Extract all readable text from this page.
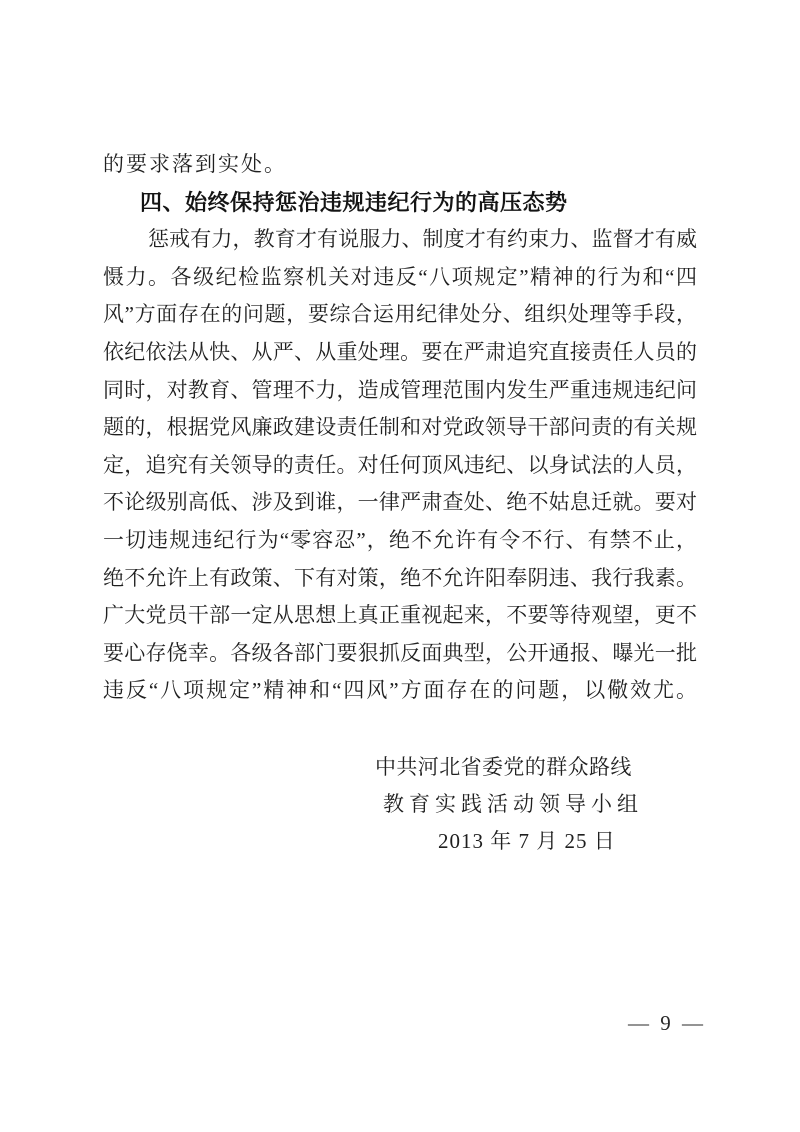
的要求落到实处。
四、始终保持惩治违规违纪行为的高压态势
惩戒有力，教育才有说服力、制度才有约束力、监督才有威
慑力。各级纪检监察机关对违反“八项规定”精神的行为和“四
风”方面存在的问题，要综合运用纪律处分、组织处理等手段，
依纪依法从快、从严、从重处理。要在严肃追究直接责任人员的
同时，对教育、管理不力，造成管理范围内发生严重违规违纪问
题的，根据党风廉政建设责任制和对党政领导干部问责的有关规
定，追究有关领导的责任。对任何顶风违纪、以身试法的人员，
不论级别高低、涉及到谁，一律严肃查处、绝不姑息迁就。要对
一切违规违纪行为“零容忍”，绝不允许有令不行、有禁不止，
绝不允许上有政策、下有对策，绝不允许阳奉阴违、我行我素。
广大党员干部一定从思想上真正重视起来，不要等待观望，更不
要心存侥幸。各级各部门要狠抓反面典型，公开通报、曝光一批
违反“八项规定”精神和“四风”方面存在的问题，以儆效尤。
中共河北省委党的群众路线
教育实践活动领导小组
2013 年 7 月 25 日
— 9 —
